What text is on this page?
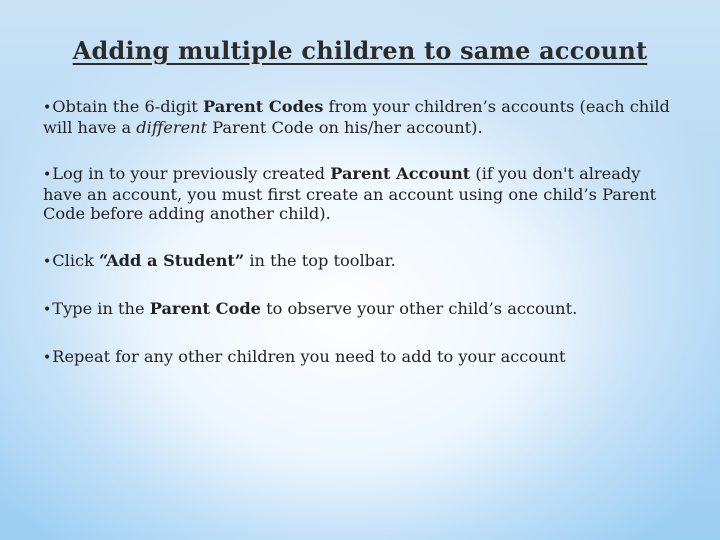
Adding multiple children to same account
•Obtain the 6-digit Parent Codes from your children’s accounts (each child will have a different Parent Code on his/her account).
•Log in to your previously created Parent Account (if you don't already have an account, you must first create an account using one child’s Parent Code before adding another child).
•Click “Add a Student” in the top toolbar.
•Type in the Parent Code to observe your other child’s account.
•Repeat for any other children you need to add to your account
